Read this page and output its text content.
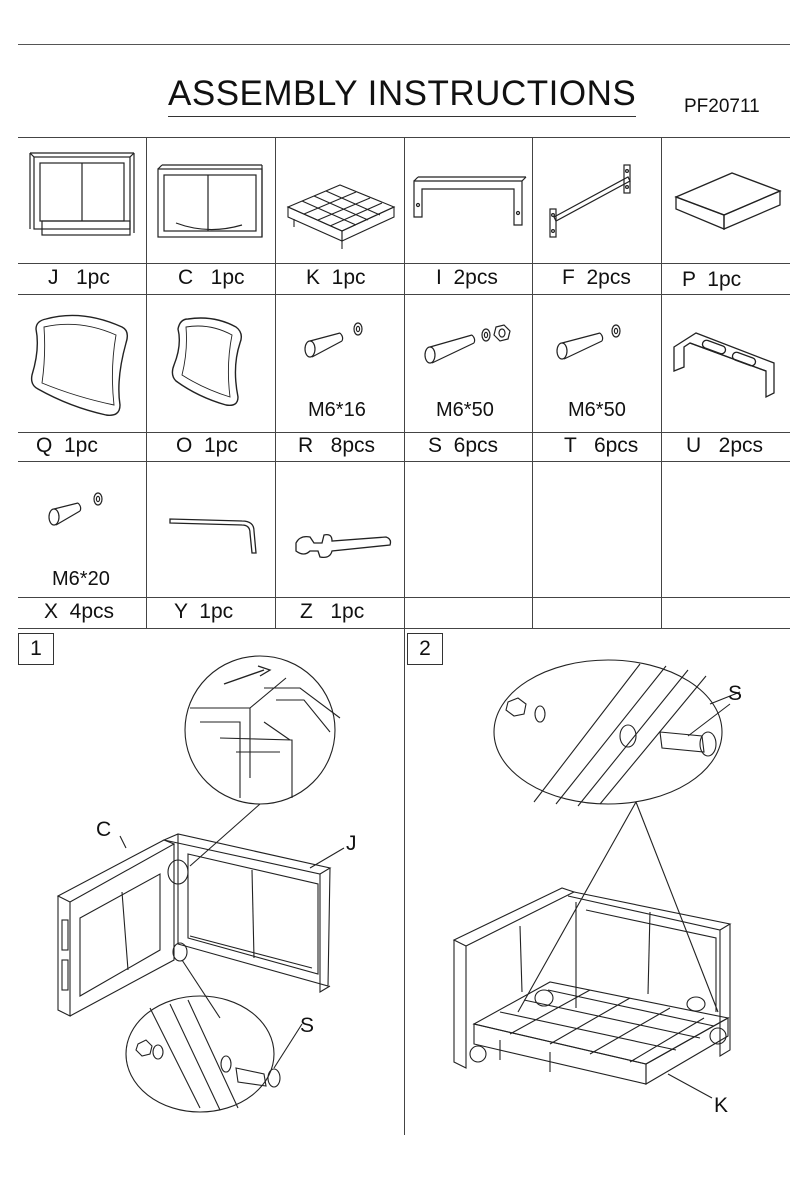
ASSEMBLY INSTRUCTIONS	PF20711
J   1pc	C   1pc	K  1pc	I  2pcs	F  2pcs P  1pc
M6*16	M6*50	M6*50
Q  1pc	O  1pc	R   8pcs	S  6pcs	T   6pcs U   2pcs
M6*20
X  4pcs	Y  1pc	Z   1pc
1	2
C
J
S
S
K
